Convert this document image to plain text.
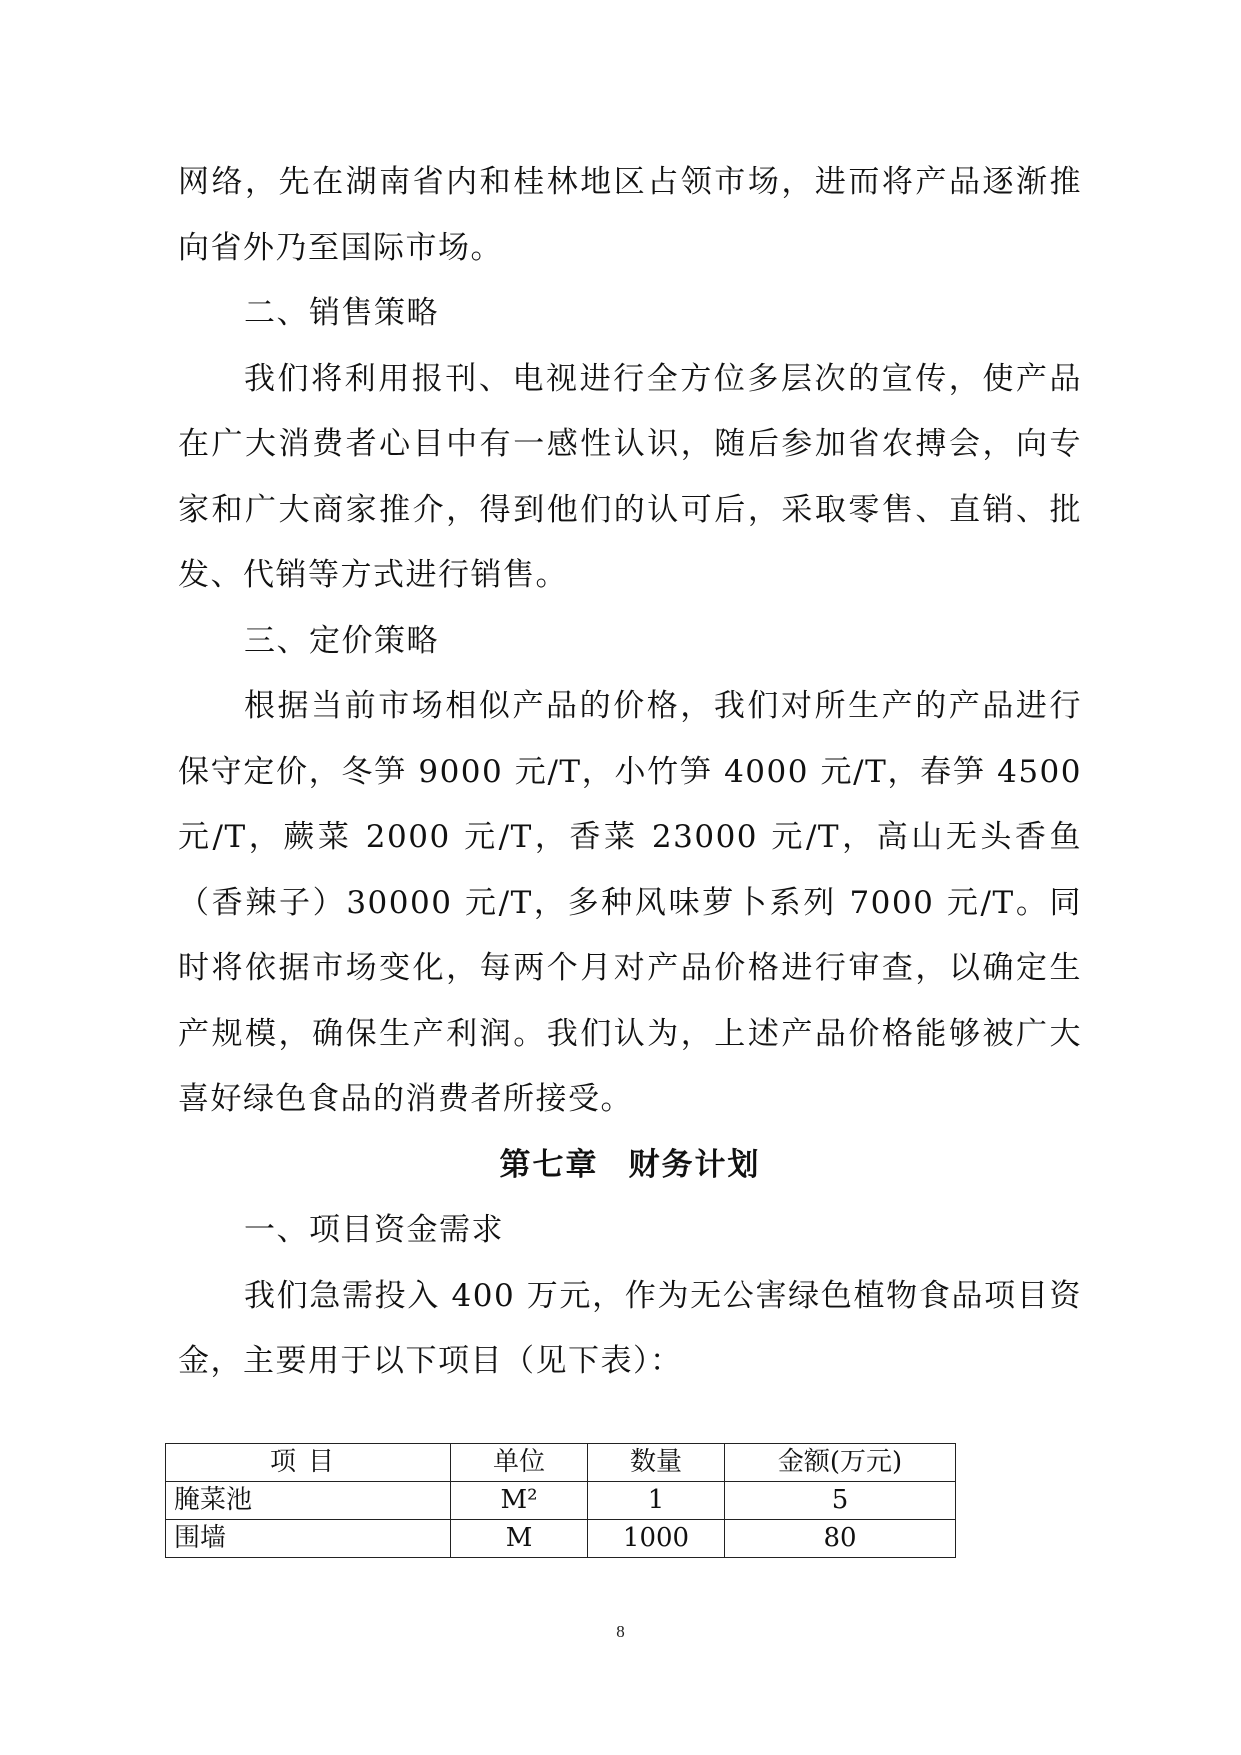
网络，先在湖南省内和桂林地区占领市场，进而将产品逐渐推向省外乃至国际市场。

二、销售策略

我们将利用报刊、电视进行全方位多层次的宣传，使产品在广大消费者心目中有一感性认识，随后参加省农搏会，向专家和广大商家推介，得到他们的认可后，采取零售、直销、批发、代销等方式进行销售。

三、定价策略

根据当前市场相似产品的价格，我们对所生产的产品进行保守定价，冬笋 9000 元/T，小竹笋 4000 元/T，春笋 4500 元/T，蕨菜 2000 元/T，香菜 23000 元/T，高山无头香鱼（香辣子）30000 元/T，多种风味萝卜系列 7000 元/T。同时将依据市场变化，每两个月对产品价格进行审查，以确定生产规模，确保生产利润。我们认为，上述产品价格能够被广大喜好绿色食品的消费者所接受。

第七章 财务计划

一、项目资金需求

我们急需投入 400 万元，作为无公害绿色植物食品项目资金，主要用于以下项目（见下表）：

项目	单位	数量	金额(万元)
腌菜池	M²	1	5
围墙	M	1000	80
8
